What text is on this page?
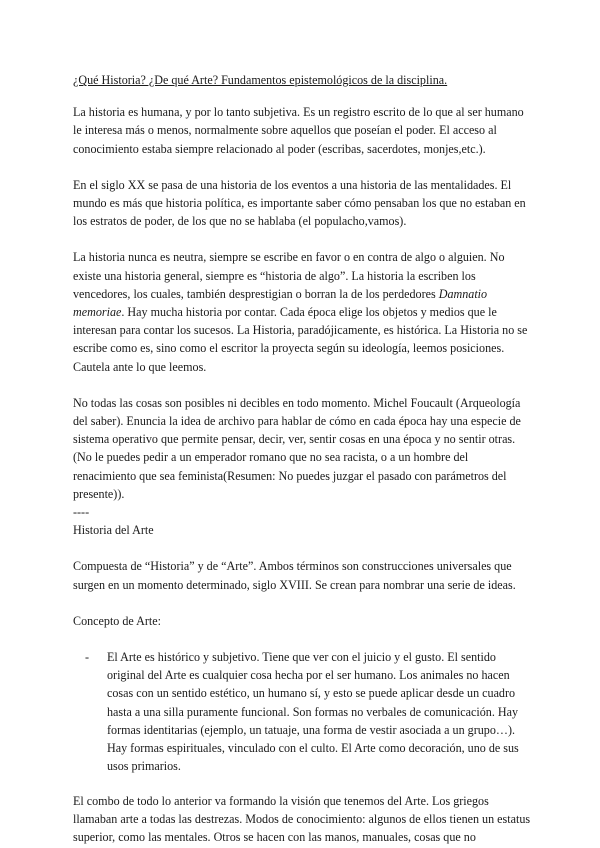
¿Qué Historia? ¿De qué Arte? Fundamentos epistemológicos de la disciplina.

La historia es humana, y por lo tanto subjetiva. Es un registro escrito de lo que al ser humano le interesa más o menos, normalmente sobre aquellos que poseían el poder. El acceso al conocimiento estaba siempre relacionado al poder (escribas, sacerdotes, monjes,etc.).

En el siglo XX se pasa de una historia de los eventos a una historia de las mentalidades. El mundo es más que historia política, es importante saber cómo pensaban los que no estaban en los estratos de poder, de los que no se hablaba (el populacho,vamos).

La historia nunca es neutra, siempre se escribe en favor o en contra de algo o alguien. No existe una historia general, siempre es “historia de algo”. La historia la escriben los vencedores, los cuales, también desprestigian o borran la de los perdedores Damnatio memoriae. Hay mucha historia por contar. Cada época elige los objetos y medios que le interesan para contar los sucesos. La Historia, paradójicamente, es histórica. La Historia no se escribe como es, sino como el escritor la proyecta según su ideología, leemos posiciones. Cautela ante lo que leemos.

No todas las cosas son posibles ni decibles en todo momento. Michel Foucault (Arqueología del saber). Enuncia la idea de archivo para hablar de cómo en cada época hay una especie de sistema operativo que permite pensar, decir, ver, sentir cosas en una época y no sentir otras. (No le puedes pedir a un emperador romano que no sea racista, o a un hombre del renacimiento que sea feminista(Resumen: No puedes juzgar el pasado con parámetros del presente)).

----

Historia del Arte

Compuesta de “Historia” y de “Arte”. Ambos términos son construcciones universales que surgen en un momento determinado, siglo XVIII. Se crean para nombrar una serie de ideas.

Concepto de Arte:

- El Arte es histórico y subjetivo. Tiene que ver con el juicio y el gusto. El sentido original del Arte es cualquier cosa hecha por el ser humano. Los animales no hacen cosas con un sentido estético, un humano sí, y esto se puede aplicar desde un cuadro hasta a una silla puramente funcional. Son formas no verbales de comunicación. Hay formas identitarias (ejemplo, un tatuaje, una forma de vestir asociada a un grupo…). Hay formas espirituales, vinculado con el culto. El Arte como decoración, uno de sus usos primarios.

El combo de todo lo anterior va formando la visión que tenemos del Arte. Los griegos llamaban arte a todas las destrezas. Modos de conocimiento: algunos de ellos tienen un estatus superior, como las mentales. Otros se hacen con las manos, manuales, cosas que no
